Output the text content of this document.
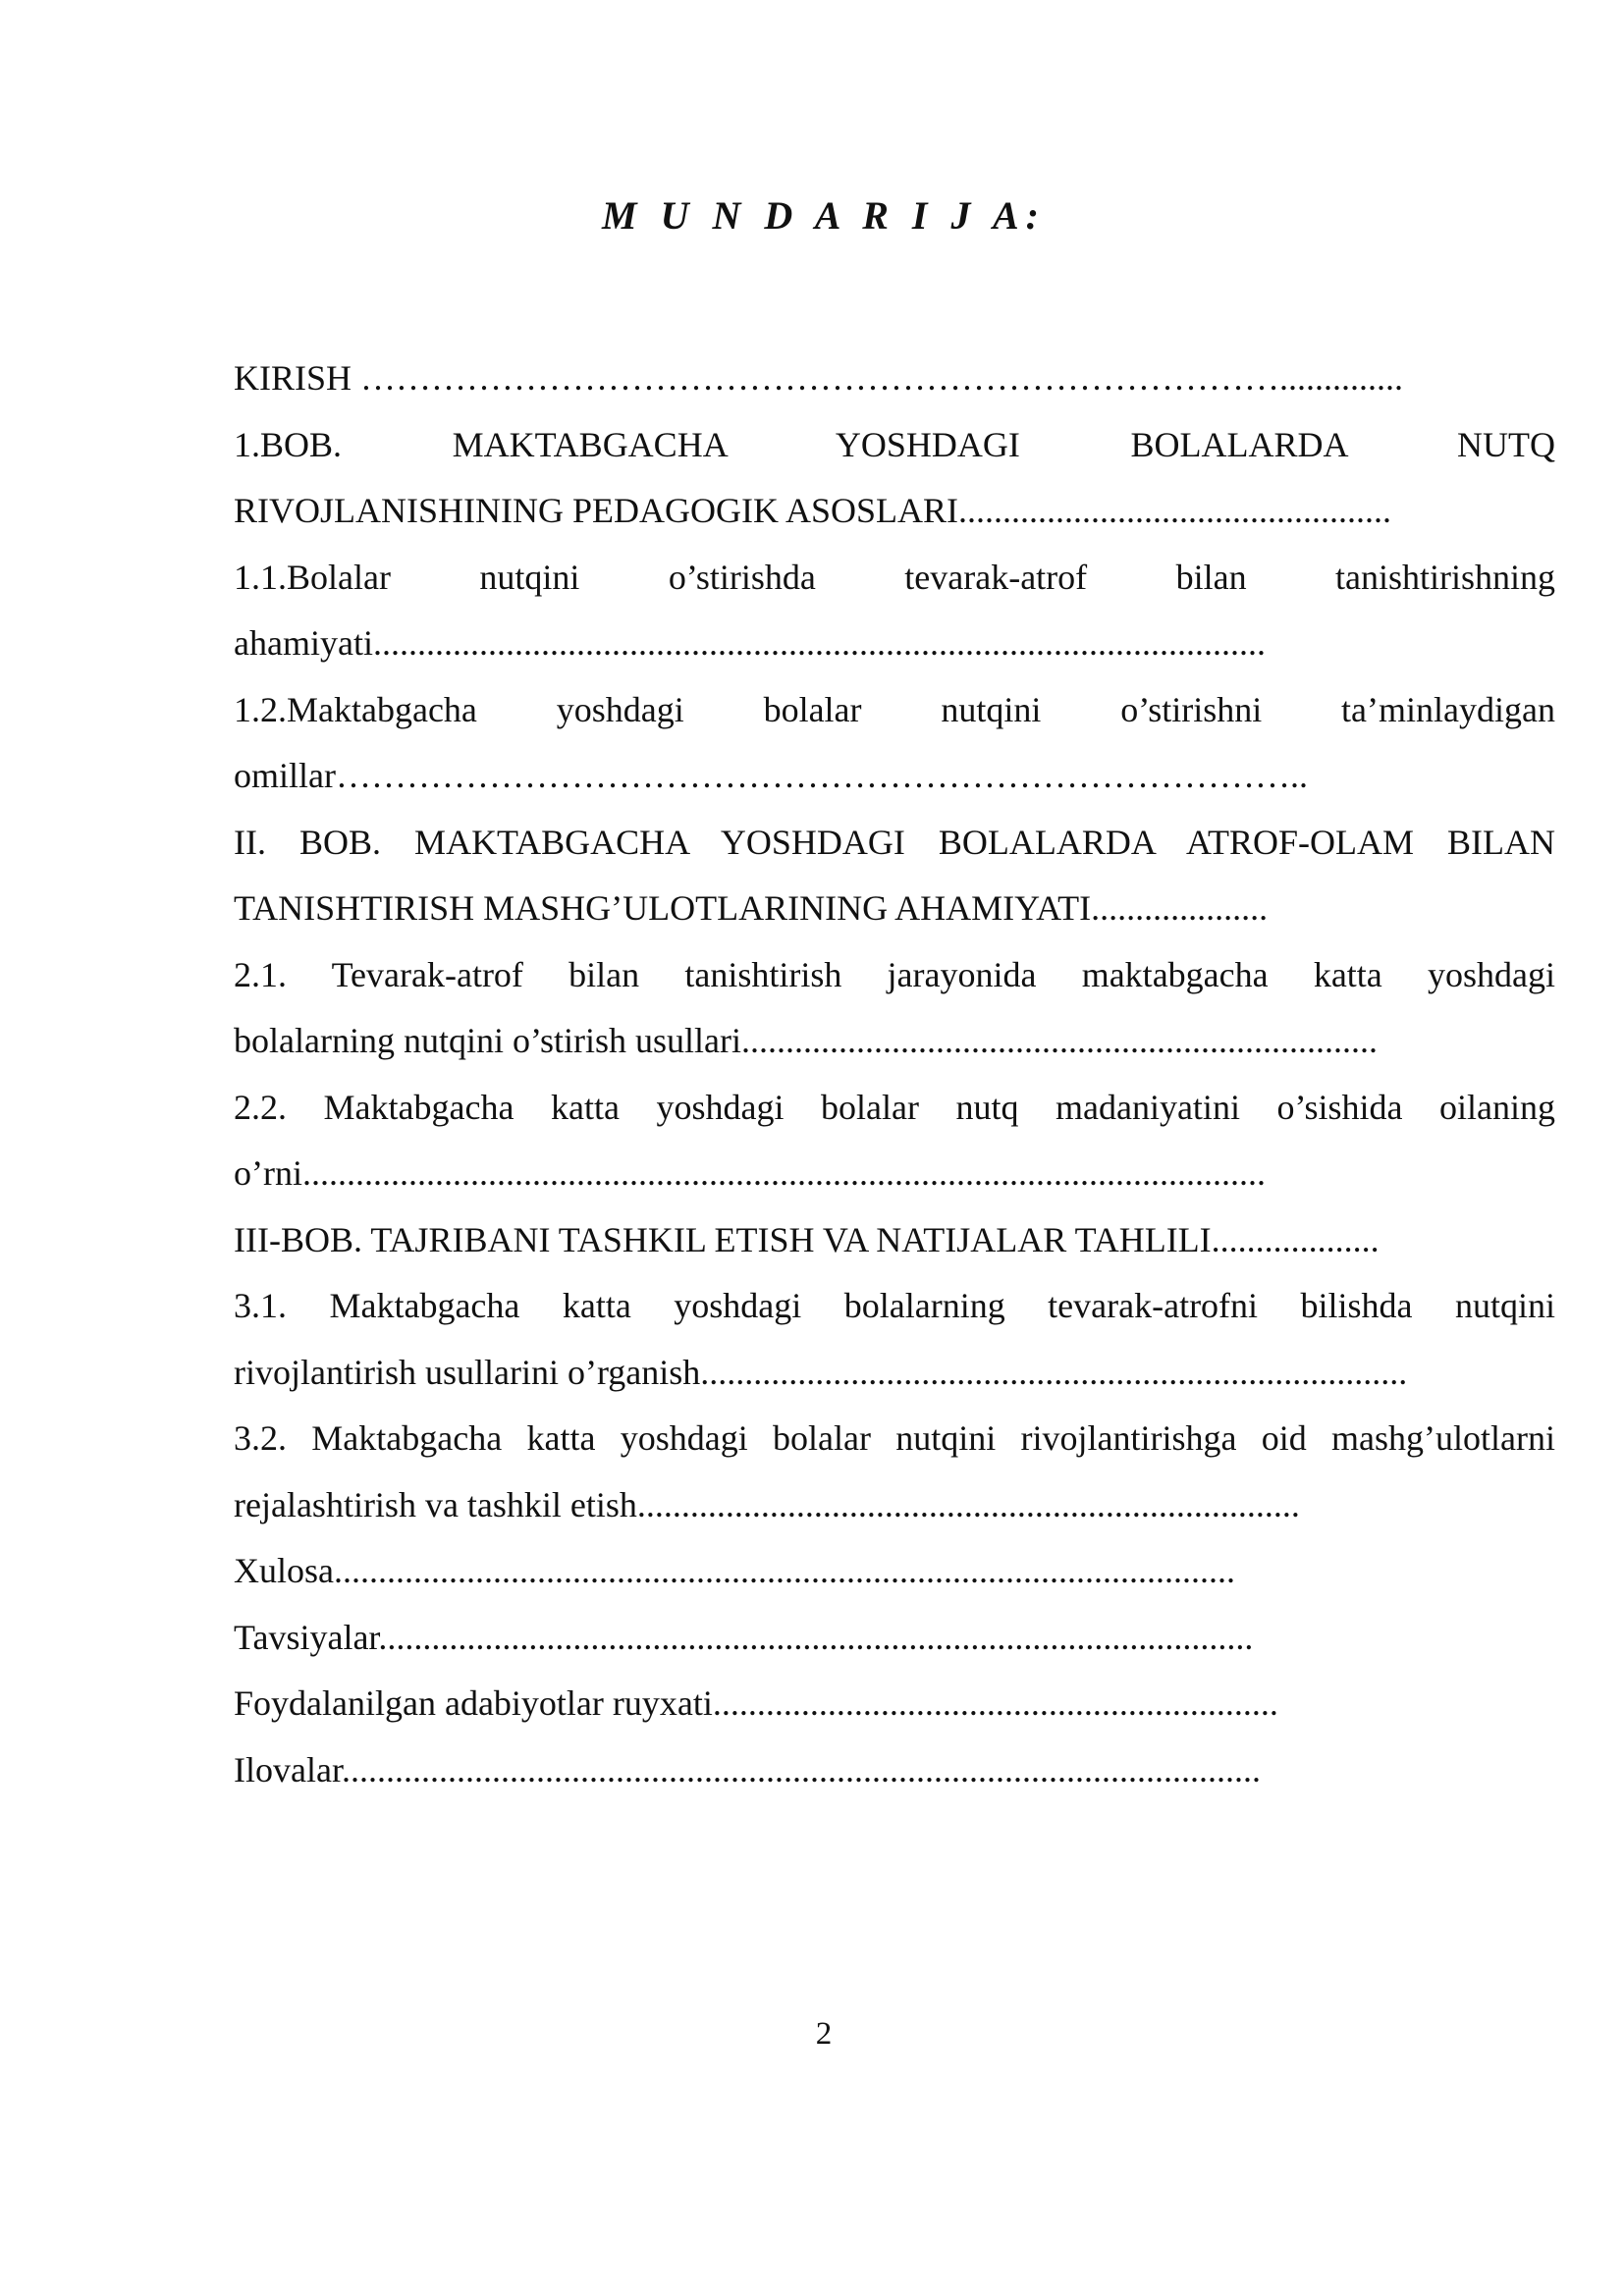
M U N D A R I J A:

KIRISH ……………………………………………………………………..............

1.BOB. MAKTABGACHA YOSHDAGI BOLALARDA NUTQ
RIVOJLANISHINING PEDAGOGIK ASOSLARI.................................................

1.1.Bolalar nutqini o’stirishda tevarak-atrof bilan tanishtirishning
ahamiyati.....................................................................................................

1.2.Maktabgacha yoshdagi bolalar nutqini o’stirishni ta’minlaydigan
omillar………………………………………………………………………..

II. BOB. MAKTABGACHA YOSHDAGI BOLALARDA ATROF-OLAM BILAN
TANISHTIRISH MASHG’ULOTLARINING AHAMIYATI....................

2.1. Tevarak-atrof bilan tanishtirish jarayonida maktabgacha katta yoshdagi
bolalarning nutqini o’stirish usullari........................................................................

2.2. Maktabgacha katta yoshdagi bolalar nutq madaniyatini o’sishida oilaning
o’rni.............................................................................................................

III-BOB. TAJRIBANI TASHKIL ETISH VA NATIJALAR TAHLILI...................

3.1. Maktabgacha katta yoshdagi bolalarning tevarak-atrofni bilishda nutqini
rivojlantirish usullarini o’rganish................................................................................

3.2. Maktabgacha katta yoshdagi bolalar nutqini rivojlantirishga oid mashg’ulotlarni
rejalashtirish va tashkil etish...........................................................................

Xulosa......................................................................................................

Tavsiyalar...................................................................................................

Foydalanilgan adabiyotlar ruyxati................................................................

Ilovalar........................................................................................................

2
